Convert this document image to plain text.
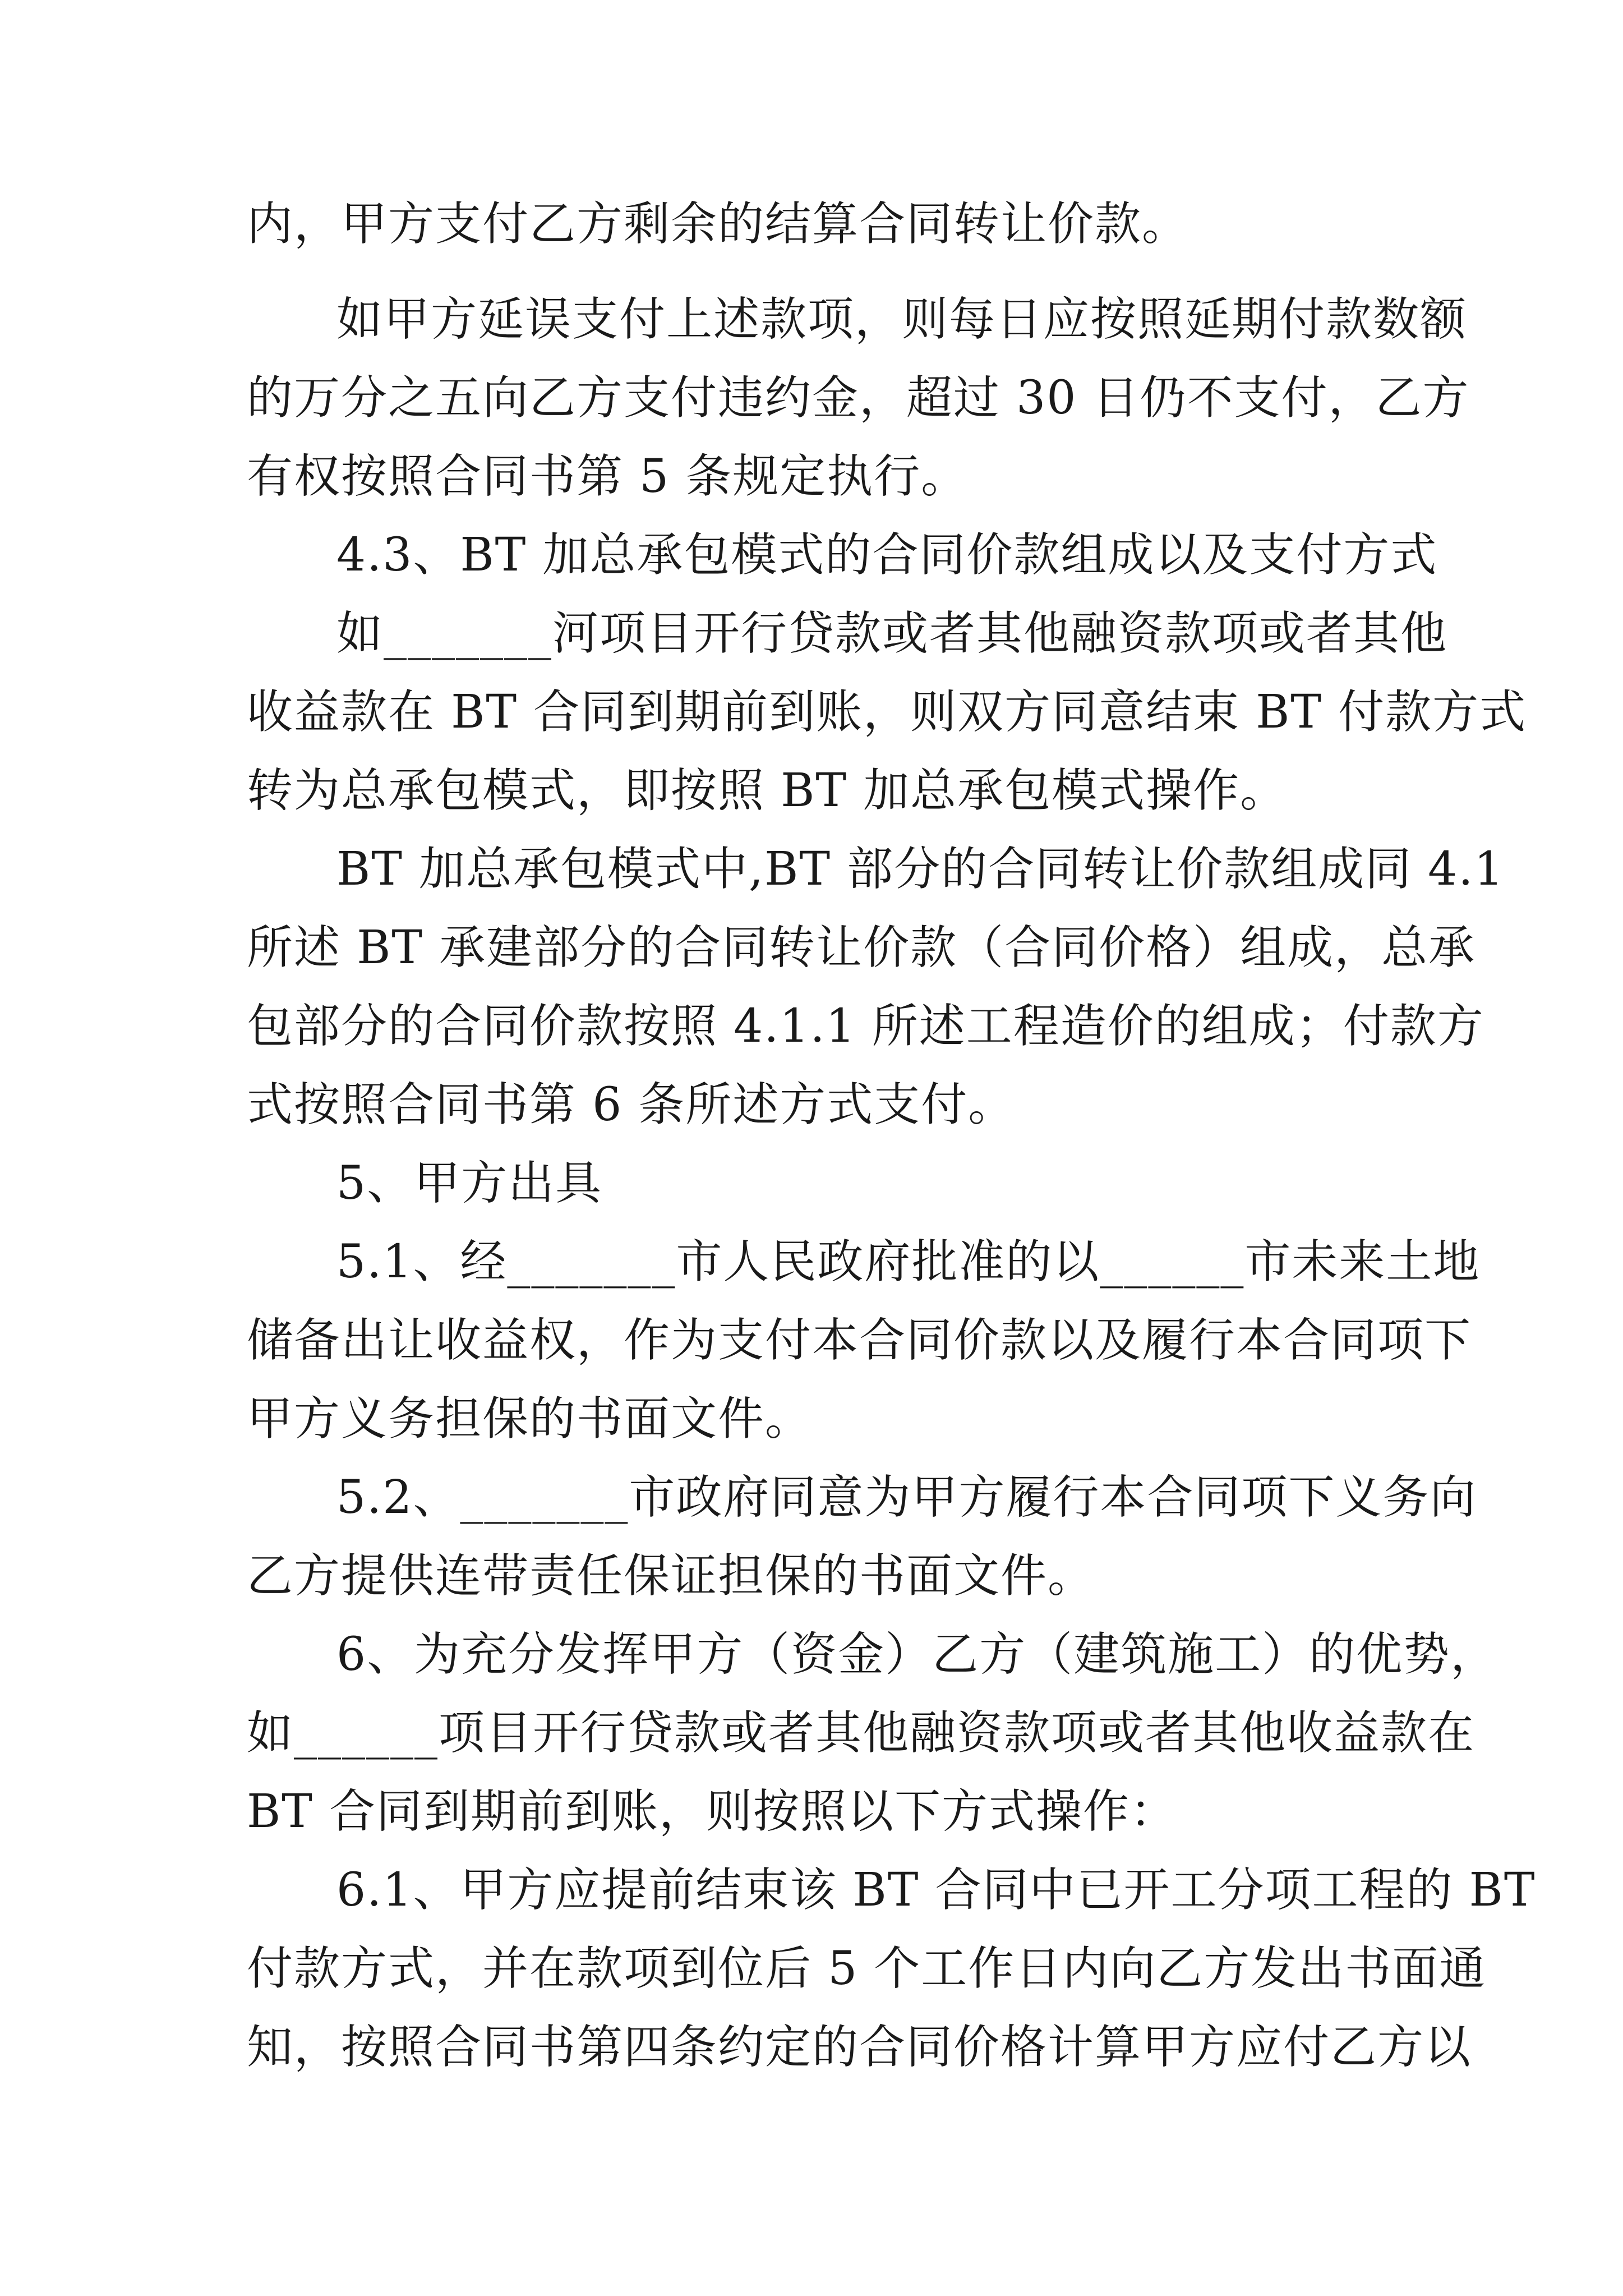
内，甲方支付乙方剩余的结算合同转让价款。
如甲方延误支付上述款项，则每日应按照延期付款数额
的万分之五向乙方支付违约金，超过 30 日仍不支付，乙方
有权按照合同书第 5 条规定执行。
4.3、BT 加总承包模式的合同价款组成以及支付方式
如_______河项目开行贷款或者其他融资款项或者其他
收益款在 BT 合同到期前到账，则双方同意结束 BT 付款方式
转为总承包模式，即按照 BT 加总承包模式操作。
BT 加总承包模式中,BT 部分的合同转让价款组成同 4.1
所述 BT 承建部分的合同转让价款（合同价格）组成，总承
包部分的合同价款按照 4.1.1 所述工程造价的组成；付款方
式按照合同书第 6 条所述方式支付。
5、甲方出具
5.1、经_______市人民政府批准的以______市未来土地
储备出让收益权，作为支付本合同价款以及履行本合同项下
甲方义务担保的书面文件。
5.2、_______市政府同意为甲方履行本合同项下义务向
乙方提供连带责任保证担保的书面文件。
6、为充分发挥甲方（资金）乙方（建筑施工）的优势，
如______项目开行贷款或者其他融资款项或者其他收益款在
BT 合同到期前到账，则按照以下方式操作：
6.1、甲方应提前结束该 BT 合同中已开工分项工程的 BT
付款方式，并在款项到位后 5 个工作日内向乙方发出书面通
知，按照合同书第四条约定的合同价格计算甲方应付乙方以
